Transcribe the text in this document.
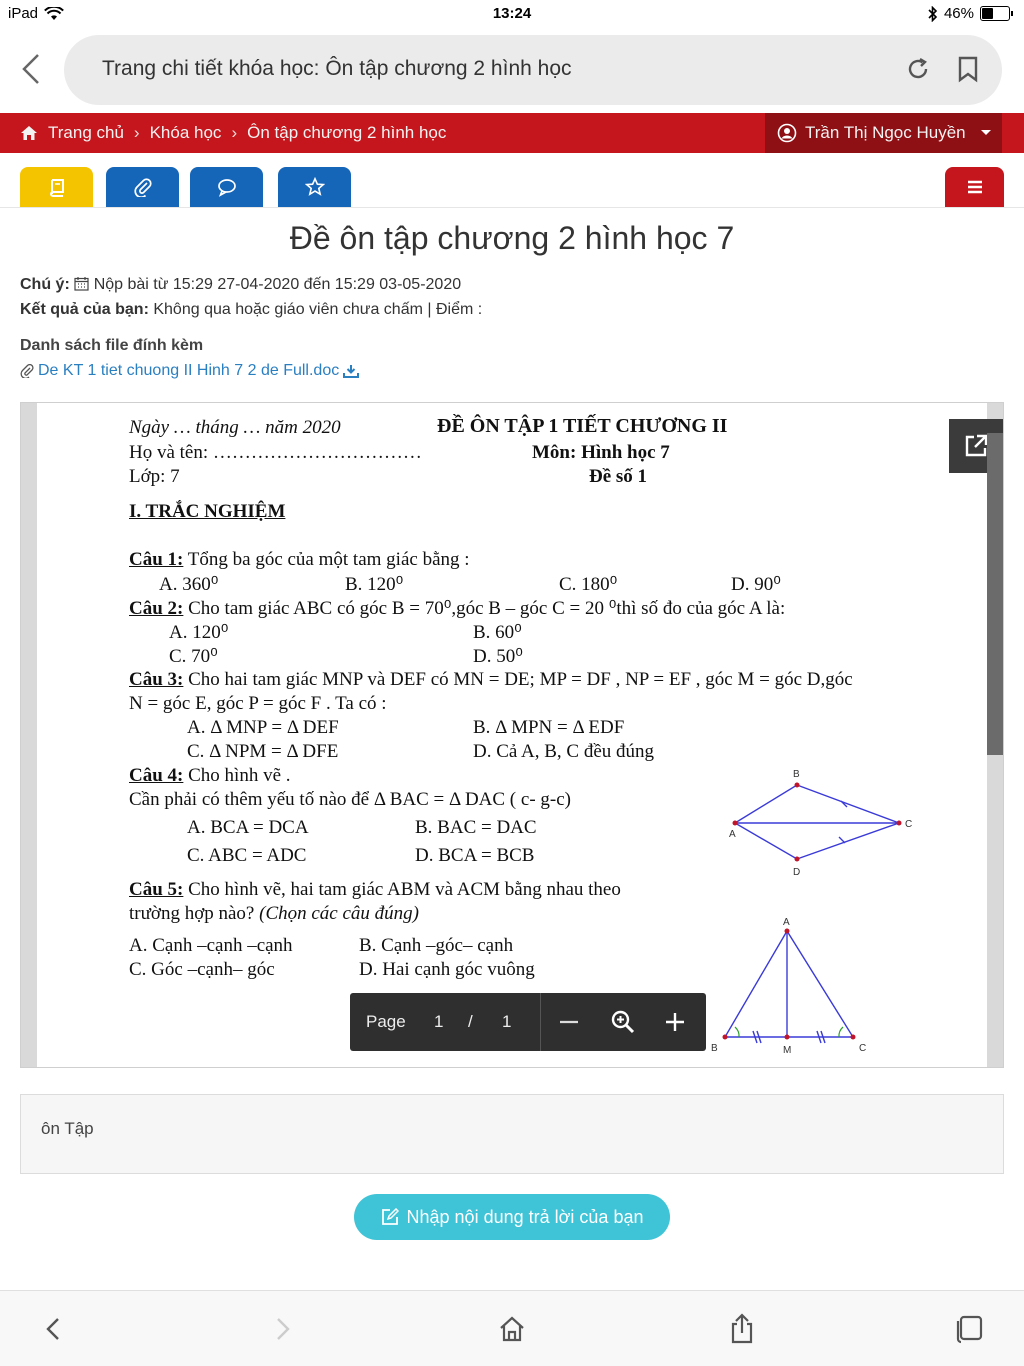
iPad	13:24	46%
Trang chi tiết khóa học: Ôn tập chương 2 hình học
Trang chủ › Khóa học › Ôn tập chương 2 hình học	Trần Thị Ngọc Huyền
Đề ôn tập chương 2 hình học 7
Chú ý: Nộp bài từ 15:29 27-04-2020 đến 15:29 03-05-2020
Kết quả của bạn: Không qua hoặc giáo viên chưa chấm | Điểm :
Danh sách file đính kèm
De KT 1 tiet chuong II Hinh 7 2 de Full.doc
Ngày … tháng … năm 2020	ĐỀ ÔN TẬP 1 TIẾT CHƯƠNG II
Họ và tên: ……………………………	Môn: Hình học 7
Lớp: 7	Đề số 1
I. TRẮC NGHIỆM
Câu 1: Tổng ba góc của một tam giác bằng :
A. 360⁰	B. 120⁰	C. 180⁰	D. 90⁰
Câu 2: Cho tam giác ABC có góc B = 70⁰,góc B – góc C = 20 ⁰thì số đo của góc A là:
A. 120⁰	B. 60⁰
C. 70⁰	D. 50⁰
Câu 3: Cho hai tam giác MNP và DEF có MN = DE; MP = DF , NP = EF , góc M = góc D,góc
N = góc E, góc P = góc F . Ta có :
A. Δ MNP = Δ DEF	B. Δ MPN = Δ EDF
C. Δ NPM = Δ DFE	D. Cả A, B, C đều đúng
Câu 4: Cho hình vẽ .
Cần phải có thêm yếu tố nào để Δ BAC = Δ DAC ( c- g-c)
A. BCA = DCA	B. BAC = DAC
C. ABC = ADC	D. BCA = BCB
B
A
C
D
Câu 5: Cho hình vẽ, hai tam giác ABM và ACM bằng nhau theo
trường hợp nào? (Chọn các câu đúng)
A. Cạnh –cạnh –cạnh	B. Cạnh –góc– cạnh
C. Góc –cạnh– góc	D. Hai cạnh góc vuông
A
B	M	C
Page 1 / 1
ôn Tập
Nhập nội dung trả lời của bạn
